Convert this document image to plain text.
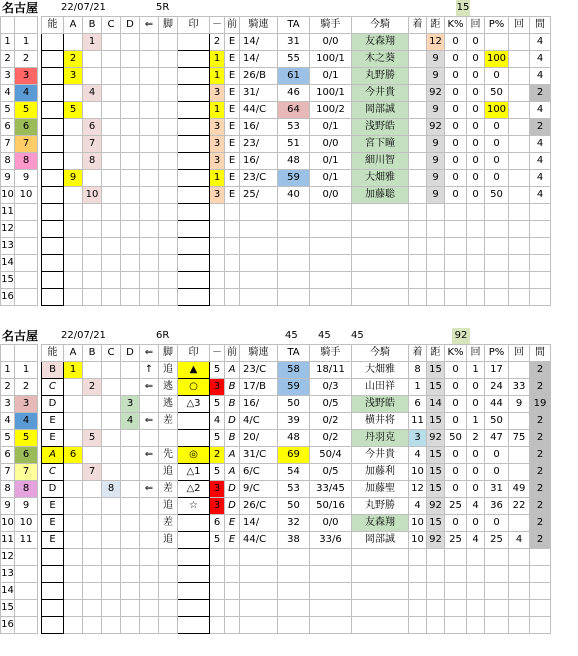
名古屋 22/07/21	5R	15
			能	A	B	C	D	⇐	脚	印	－	前	騎連	TA	騎手	今騎	着	距	K%	回	P%	回	間
1	1				1						2	E	14/	31	0/0	友森翔		12	0	0			4
2	2			2							1	E	14/	55	100/1	木之葵		9	0	0	100		4
3	3			3							1	E	26/B	61	0/1	丸野勝		9	0	0	0		4
4	4				4						3	E	31/	46	100/1	今井貴		92	0	0	50		2
5	5			5							1	E	44/C	64	100/2	岡部誠		9	0	0	100		4
6	6				6						3	E	16/	53	0/1	浅野皓		92	0	0	0		2
7	7				7						3	E	23/	51	0/0	宮下瞳		9	0	0	0		4
8	8				8						3	E	16/	48	0/1	細川智		9	0	0	0		4
9	9			9							1	E	23/C	59	0/1	大畑雅		9	0	0	0		4
10	10				10						3	E	25/	40	0/0	加藤聡		9	0	0	50		4
11																							
12																							
13																							
14																							
15																							
16																							
名古屋 22/07/21	6R	45 45 45	92
			能	A	B	C	D	⇐	脚	印	－	前	騎連	TA	騎手	今騎	着	距	K%	回	P%	回	間
1	1		B	1				↑	追	▲	5	A	23/C	58	18/11	大畑雅	8	15	0	1	17		2
2	2		C		2			⇐	逃	○	3	B	17/B	59	0/3	山田祥	1	15	0	0	24	33	2
3	3		D				3		逃	△3	5	B	16/	50	0/5	浅野皓	6	14	0	0	44	9	19
4	4		E				4	⇐	差		4	D	4/C	39	0/2	横井将	11	15	0	1	50		2
5	5		E		5						5	B	20/	48	0/2	丹羽克	3	92	50	2	47	75	2
6	6		A	6				⇐	先	◎	2	A	31/C	69	50/4	今井貴	4	15	0	0	0		2
7	7		C		7				追	△1	5	A	6/C	54	0/5	加藤利	10	15	0	0	0		2
8	8		D			8		⇐	差	△2	3	D	9/C	53	33/45	加藤聖	12	15	0	0	31	49	2
9	9		E						追	☆	3	D	26/C	50	50/16	丸野勝	4	92	25	4	36	22	2
10	10		E						差		6	E	14/	32	0/0	友森翔	10	15	0	0	0		2
11	11		E						追		5	E	44/C	38	33/6	岡部誠	10	92	25	4	25	4	2
12																							
13																							
14																							
15																							
16																							
